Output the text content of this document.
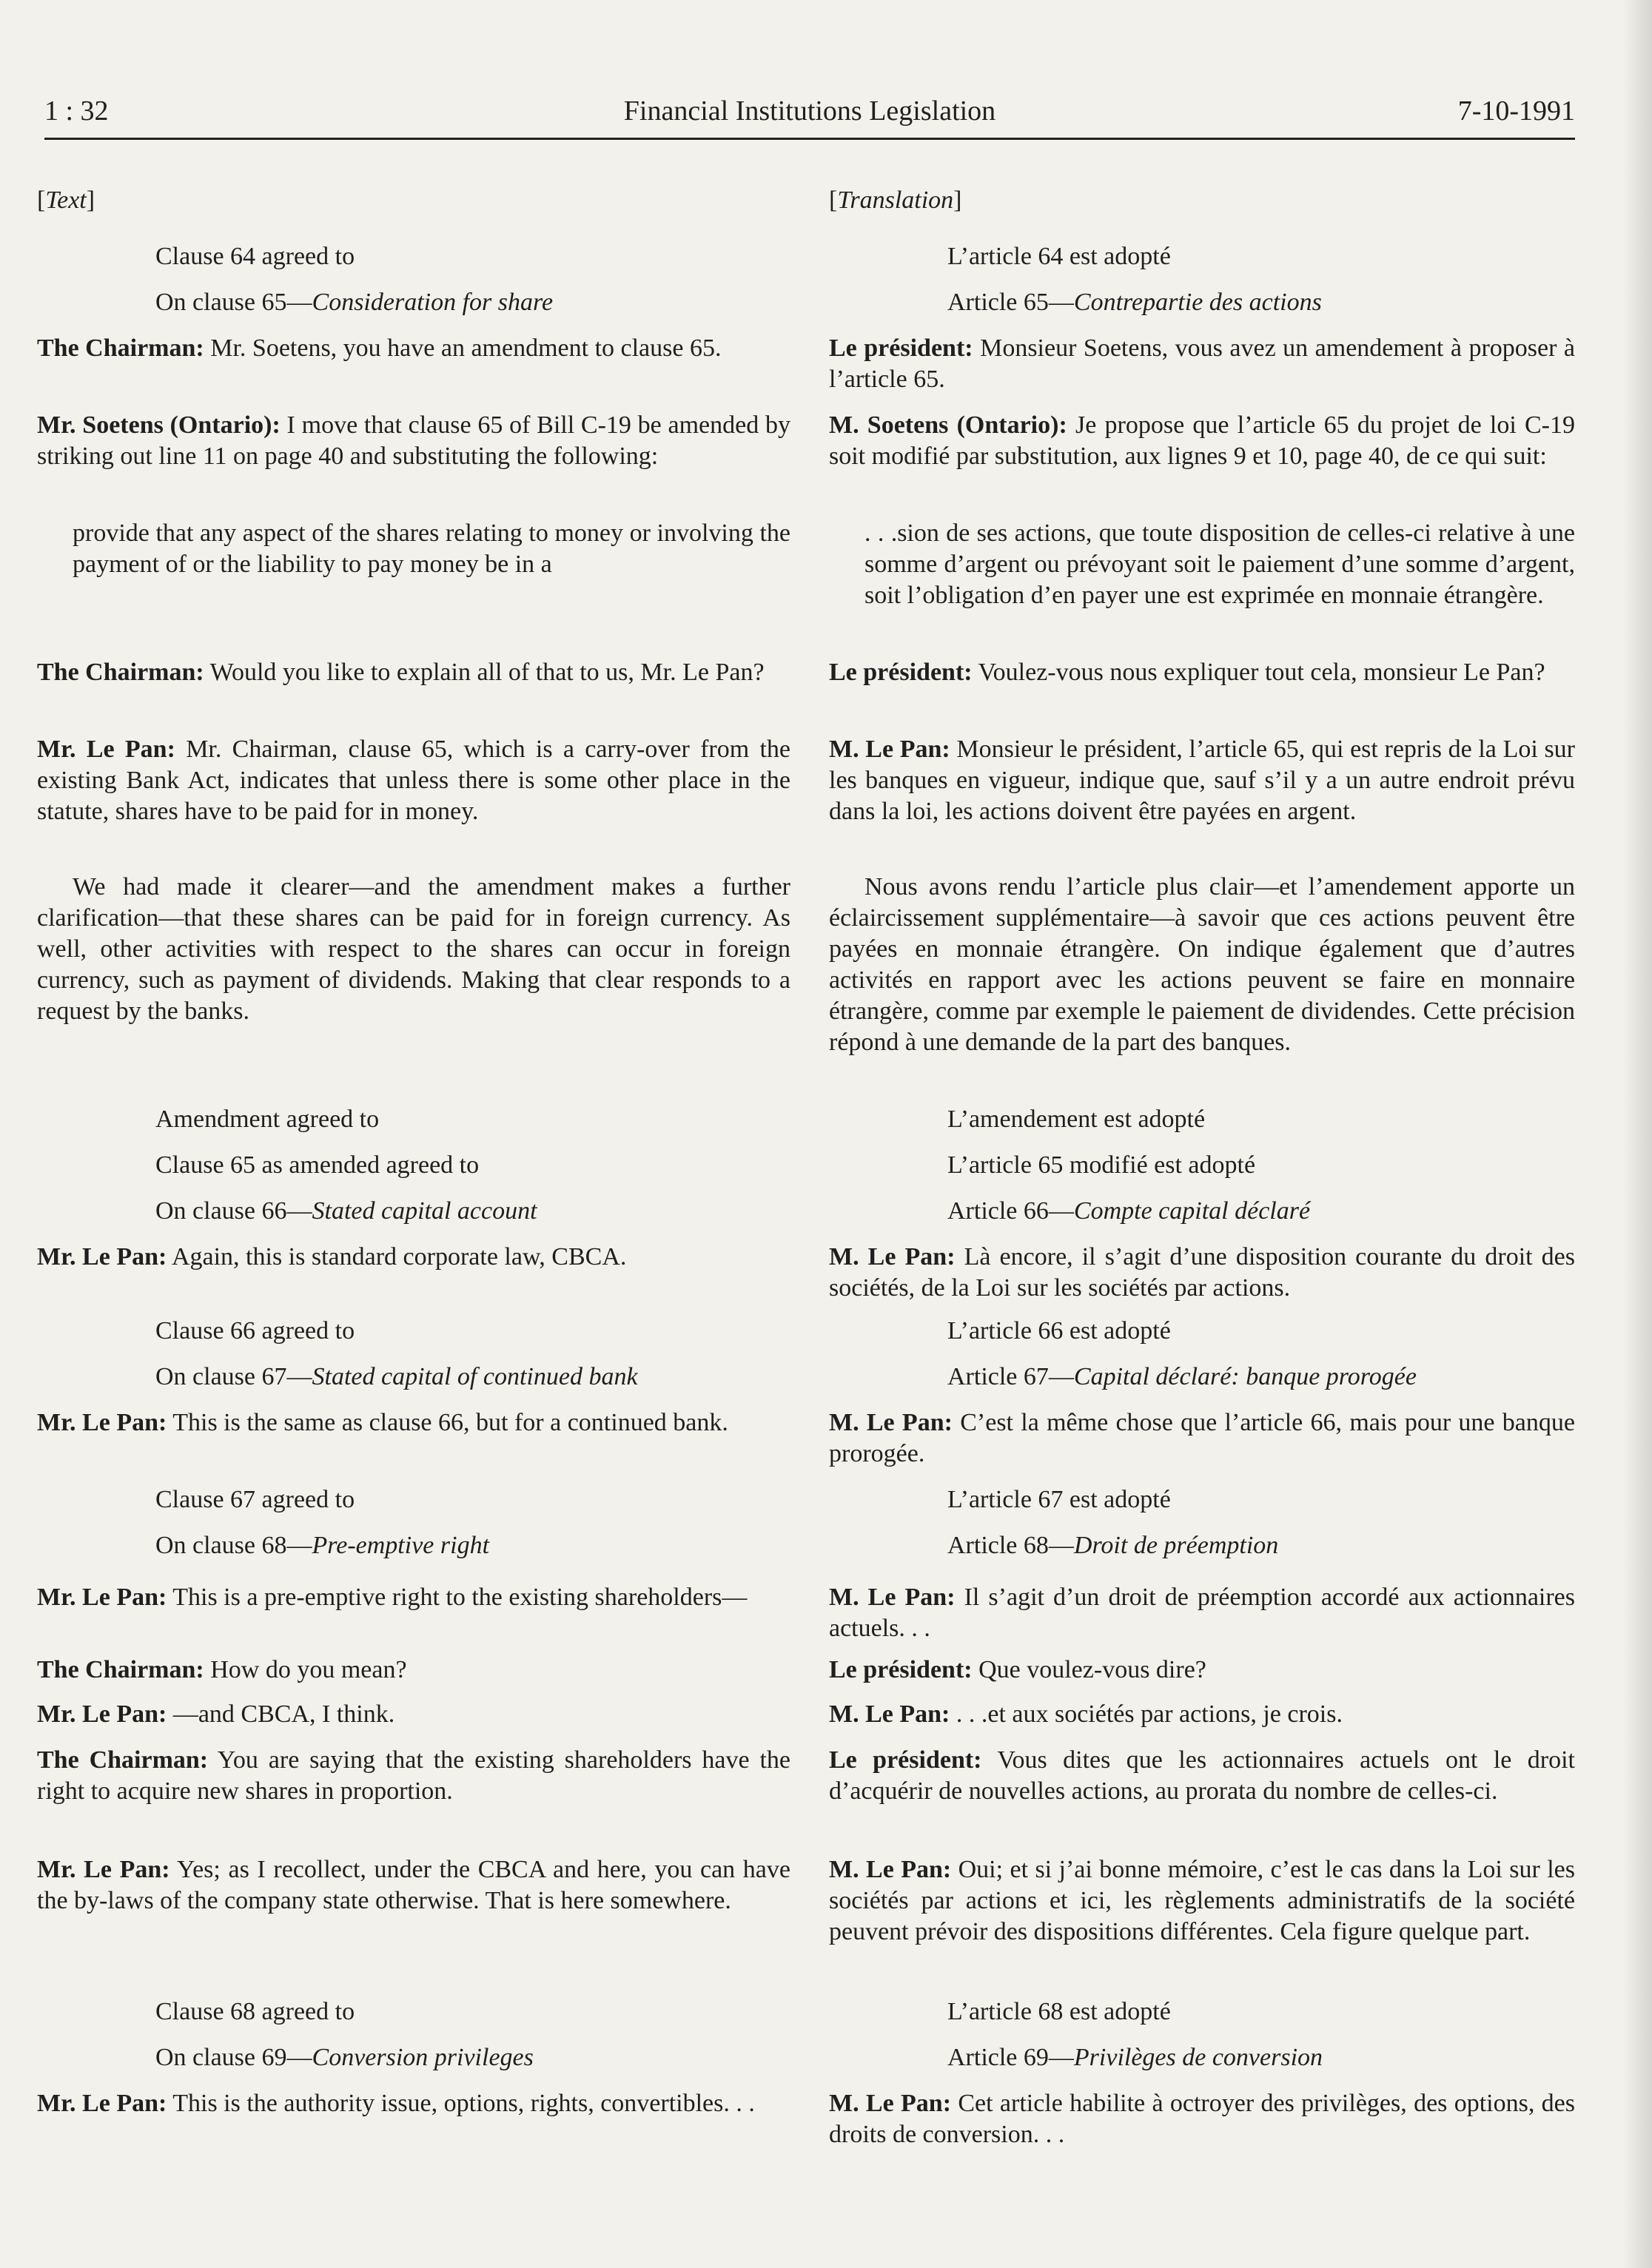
1 : 32	Financial Institutions Legislation	7-10-1991
[Text]
Clause 64 agreed to
On clause 65—Consideration for share
The Chairman: Mr. Soetens, you have an amendment to clause 65.
Mr. Soetens (Ontario): I move that clause 65 of Bill C-19 be amended by striking out line 11 on page 40 and substituting the following:
provide that any aspect of the shares relating to money or involving the payment of or the liability to pay money be in a
The Chairman: Would you like to explain all of that to us, Mr. Le Pan?
Mr. Le Pan: Mr. Chairman, clause 65, which is a carry-over from the existing Bank Act, indicates that unless there is some other place in the statute, shares have to be paid for in money.
We had made it clearer—and the amendment makes a further clarification—that these shares can be paid for in foreign currency. As well, other activities with respect to the shares can occur in foreign currency, such as payment of dividends. Making that clear responds to a request by the banks.
Amendment agreed to
Clause 65 as amended agreed to
On clause 66—Stated capital account
Mr. Le Pan: Again, this is standard corporate law, CBCA.
Clause 66 agreed to
On clause 67—Stated capital of continued bank
Mr. Le Pan: This is the same as clause 66, but for a continued bank.
Clause 67 agreed to
On clause 68—Pre-emptive right
Mr. Le Pan: This is a pre-emptive right to the existing shareholders—
The Chairman: How do you mean?
Mr. Le Pan: —and CBCA, I think.
The Chairman: You are saying that the existing shareholders have the right to acquire new shares in proportion.
Mr. Le Pan: Yes; as I recollect, under the CBCA and here, you can have the by-laws of the company state otherwise. That is here somewhere.
Clause 68 agreed to
On clause 69—Conversion privileges
Mr. Le Pan: This is the authority issue, options, rights, convertibles. . .
[Translation]
L’article 64 est adopté
Article 65—Contrepartie des actions
Le président: Monsieur Soetens, vous avez un amendement à proposer à l’article 65.
M. Soetens (Ontario): Je propose que l’article 65 du projet de loi C-19 soit modifié par substitution, aux lignes 9 et 10, page 40, de ce qui suit:
. . .sion de ses actions, que toute disposition de celles-ci relative à une somme d’argent ou prévoyant soit le paiement d’une somme d’argent, soit l’obligation d’en payer une est exprimée en monnaie étrangère.
Le président: Voulez-vous nous expliquer tout cela, monsieur Le Pan?
M. Le Pan: Monsieur le président, l’article 65, qui est repris de la Loi sur les banques en vigueur, indique que, sauf s’il y a un autre endroit prévu dans la loi, les actions doivent être payées en argent.
Nous avons rendu l’article plus clair—et l’amendement apporte un éclaircissement supplémentaire—à savoir que ces actions peuvent être payées en monnaie étrangère. On indique également que d’autres activités en rapport avec les actions peuvent se faire en monnaire étrangère, comme par exemple le paiement de dividendes. Cette précision répond à une demande de la part des banques.
L’amendement est adopté
L’article 65 modifié est adopté
Article 66—Compte capital déclaré
M. Le Pan: Là encore, il s’agit d’une disposition courante du droit des sociétés, de la Loi sur les sociétés par actions.
L’article 66 est adopté
Article 67—Capital déclaré: banque prorogée
M. Le Pan: C’est la même chose que l’article 66, mais pour une banque prorogée.
L’article 67 est adopté
Article 68—Droit de préemption
M. Le Pan: Il s’agit d’un droit de préemption accordé aux actionnaires actuels. . .
Le président: Que voulez-vous dire?
M. Le Pan: . . .et aux sociétés par actions, je crois.
Le président: Vous dites que les actionnaires actuels ont le droit d’acquérir de nouvelles actions, au prorata du nombre de celles-ci.
M. Le Pan: Oui; et si j’ai bonne mémoire, c’est le cas dans la Loi sur les sociétés par actions et ici, les règlements administratifs de la société peuvent prévoir des dispositions différentes. Cela figure quelque part.
L’article 68 est adopté
Article 69—Privilèges de conversion
M. Le Pan: Cet article habilite à octroyer des privilèges, des options, des droits de conversion. . .
